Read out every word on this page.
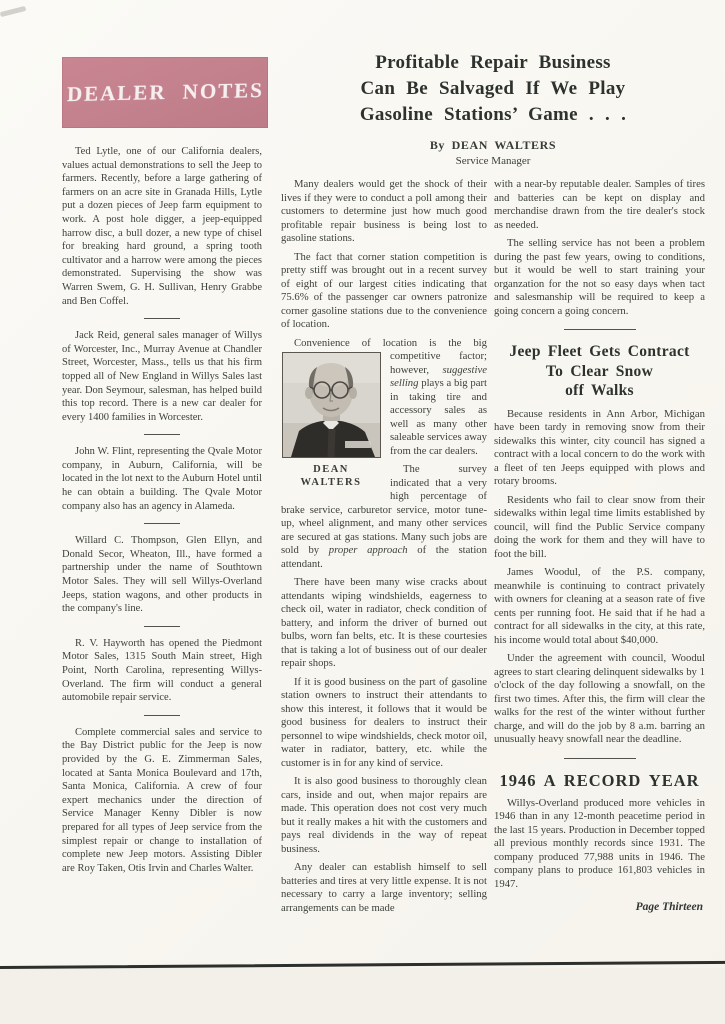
DEALER NOTES

Ted Lytle, one of our California dealers, values actual demonstrations to sell the Jeep to farmers. Recently, before a large gathering of farmers on an acre site in Granada Hills, Lytle put a dozen pieces of Jeep farm equipment to work. A post hole digger, a jeep-equipped harrow disc, a bull dozer, a new type of chisel for breaking hard ground, a spring tooth cultivator and a harrow were among the pieces demonstrated. Supervising the show was Warren Swem, G. H. Sullivan, Henry Grabbe and Ben Coffel.

Jack Reid, general sales manager of Willys of Worcester, Inc., Murray Avenue at Chandler Street, Worcester, Mass., tells us that his firm topped all of New England in Willys Sales last year. Don Seymour, salesman, has helped build this top record. There is a new car dealer for every 1400 families in Worcester.

John W. Flint, representing the Qvale Motor company, in Auburn, California, will be located in the lot next to the Auburn Hotel until he can obtain a building. The Qvale Motor company also has an agency in Alameda.

Willard C. Thompson, Glen Ellyn, and Donald Secor, Wheaton, Ill., have formed a partnership under the name of Southtown Motor Sales. They will sell Willys-Overland Jeeps, station wagons, and other products in the company's line.

R. V. Hayworth has opened the Piedmont Motor Sales, 1315 South Main street, High Point, North Carolina, representing Willys-Overland. The firm will conduct a general automobile repair service.

Complete commercial sales and service to the Bay District public for the Jeep is now provided by the G. E. Zimmerman Sales, located at Santa Monica Boulevard and 17th, Santa Monica, California. A crew of four expert mechanics under the direction of Service Manager Kenny Dibler is now prepared for all types of Jeep service from the simplest repair or change to installation of complete new Jeep motors. Assisting Dibler are Roy Taken, Otis Irvin and Charles Walter.

Profitable Repair Business
Can Be Salvaged If We Play
Gasoline Stations’ Game . . .

By DEAN WALTERS

Service Manager

Many dealers would get the shock of their lives if they were to conduct a poll among their customers to determine just how much good profitable repair business is being lost to gasoline stations.

The fact that corner station competition is pretty stiff was brought out in a recent survey of eight of our largest cities indicating that 75.6% of the passenger car owners patronize corner gasoline stations due to the convenience of location.

Convenience of location is the big
DEAN
WALTERS
competitive factor; however, suggestive selling plays a big part in taking tire and accessory sales as well as many other saleable services away from the car dealers.

The survey indicated that a very high percentage of brake service, carburetor service, motor tune-up, wheel alignment, and many other services are secured at gas stations. Many such jobs are sold by proper approach of the station attendant.

There have been many wise cracks about attendants wiping windshields, eagerness to check oil, water in radiator, check condition of battery, and inform the driver of burned out bulbs, worn fan belts, etc. It is these courtesies that is taking a lot of business out of our dealer repair shops.

If it is good business on the part of gasoline station owners to instruct their attendants to show this interest, it follows that it would be good business for dealers to instruct their personnel to wipe windshields, check motor oil, water in radiator, battery, etc. while the customer is in for any kind of service.

It is also good business to thoroughly clean cars, inside and out, when major repairs are made. This operation does not cost very much but it really makes a hit with the customers and pays real dividends in the way of repeat business.

Any dealer can establish himself to sell batteries and tires at very little expense. It is not necessary to carry a large inventory; selling arrangements can be made

with a near-by reputable dealer. Samples of tires and batteries can be kept on display and merchandise drawn from the tire dealer's stock as needed.

The selling service has not been a problem during the past few years, owing to conditions, but it would be well to start training your organzation for the not so easy days when tact and salesmanship will be required to keep a going concern a going concern.

Jeep Fleet Gets Contract
To Clear Snow
off Walks

Because residents in Ann Arbor, Michigan have been tardy in removing snow from their sidewalks this winter, city council has signed a contract with a local concern to do the work with a fleet of ten Jeeps equipped with plows and rotary brooms.

Residents who fail to clear snow from their sidewalks within legal time limits established by council, will find the Public Service company doing the work for them and they will have to foot the bill.

James Woodul, of the P.S. company, meanwhile is continuing to contract privately with owners for cleaning at a season rate of five cents per running foot. He said that if he had a contract for all sidewalks in the city, at this rate, his income would total about $40,000.

Under the agreement with council, Woodul agrees to start clearing delinquent sidewalks by 1 o'clock of the day following a snowfall, on the first two times. After this, the firm will clear the walks for the rest of the winter without further charge, and will do the job by 8 a.m. barring an unusually heavy snowfall near the deadline.

1946 A RECORD YEAR

Willys-Overland produced more vehicles in 1946 than in any 12-month peacetime period in the last 15 years. Production in December topped all previous monthly records since 1931. The company produced 77,988 units in 1946. The company plans to produce 161,803 vehicles in 1947.

Page Thirteen
